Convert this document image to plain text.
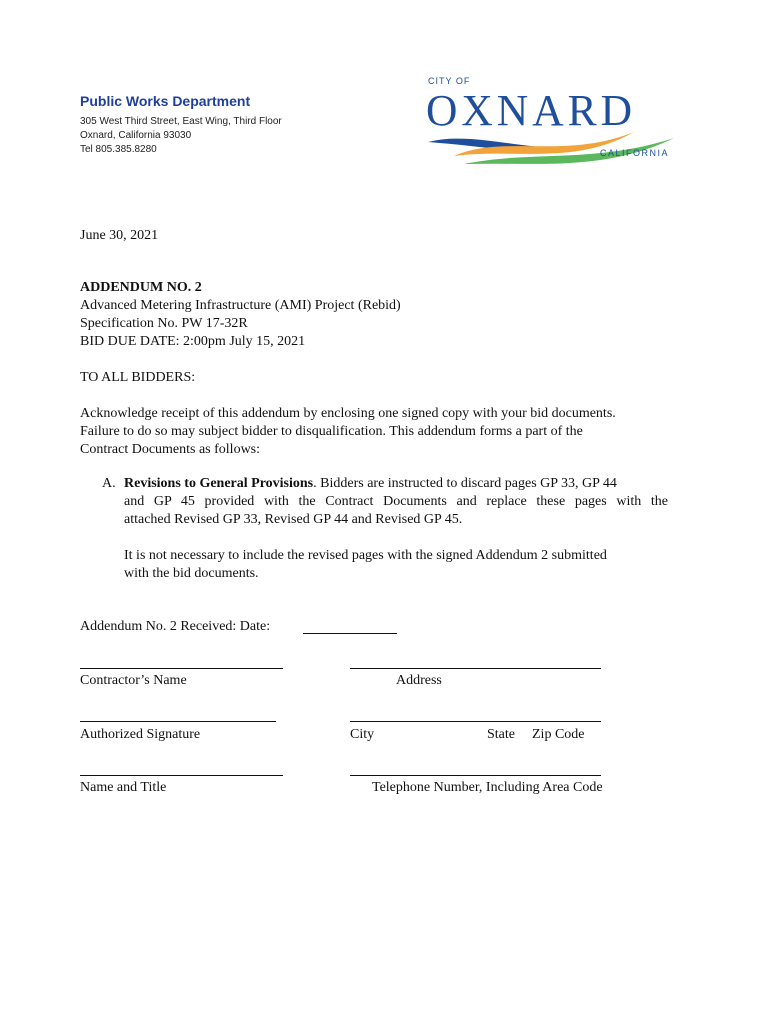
Public Works Department
305 West Third Street, East Wing, Third Floor
Oxnard, California 93030
Tel 805.385.8280
CITY OF
OXNARD
CALIFORNIA
June 30, 2021
ADDENDUM NO. 2
Advanced Metering Infrastructure (AMI) Project (Rebid)
Specification No. PW 17-32R
BID DUE DATE: 2:00pm July 15, 2021
TO ALL BIDDERS:
Acknowledge receipt of this addendum by enclosing one signed copy with your bid documents.
Failure to do so may subject bidder to disqualification. This addendum forms a part of the
Contract Documents as follows:
A. Revisions to General Provisions. Bidders are instructed to discard pages GP 33, GP 44
and GP 45 provided with the Contract Documents and replace these pages with the
attached Revised GP 33, Revised GP 44 and Revised GP 45.
It is not necessary to include the revised pages with the signed Addendum 2 submitted
with the bid documents.
Addendum No. 2 Received: Date:
Contractor’s Name	Address
Authorized Signature	City	State Zip Code
Name and Title	Telephone Number, Including Area Code
